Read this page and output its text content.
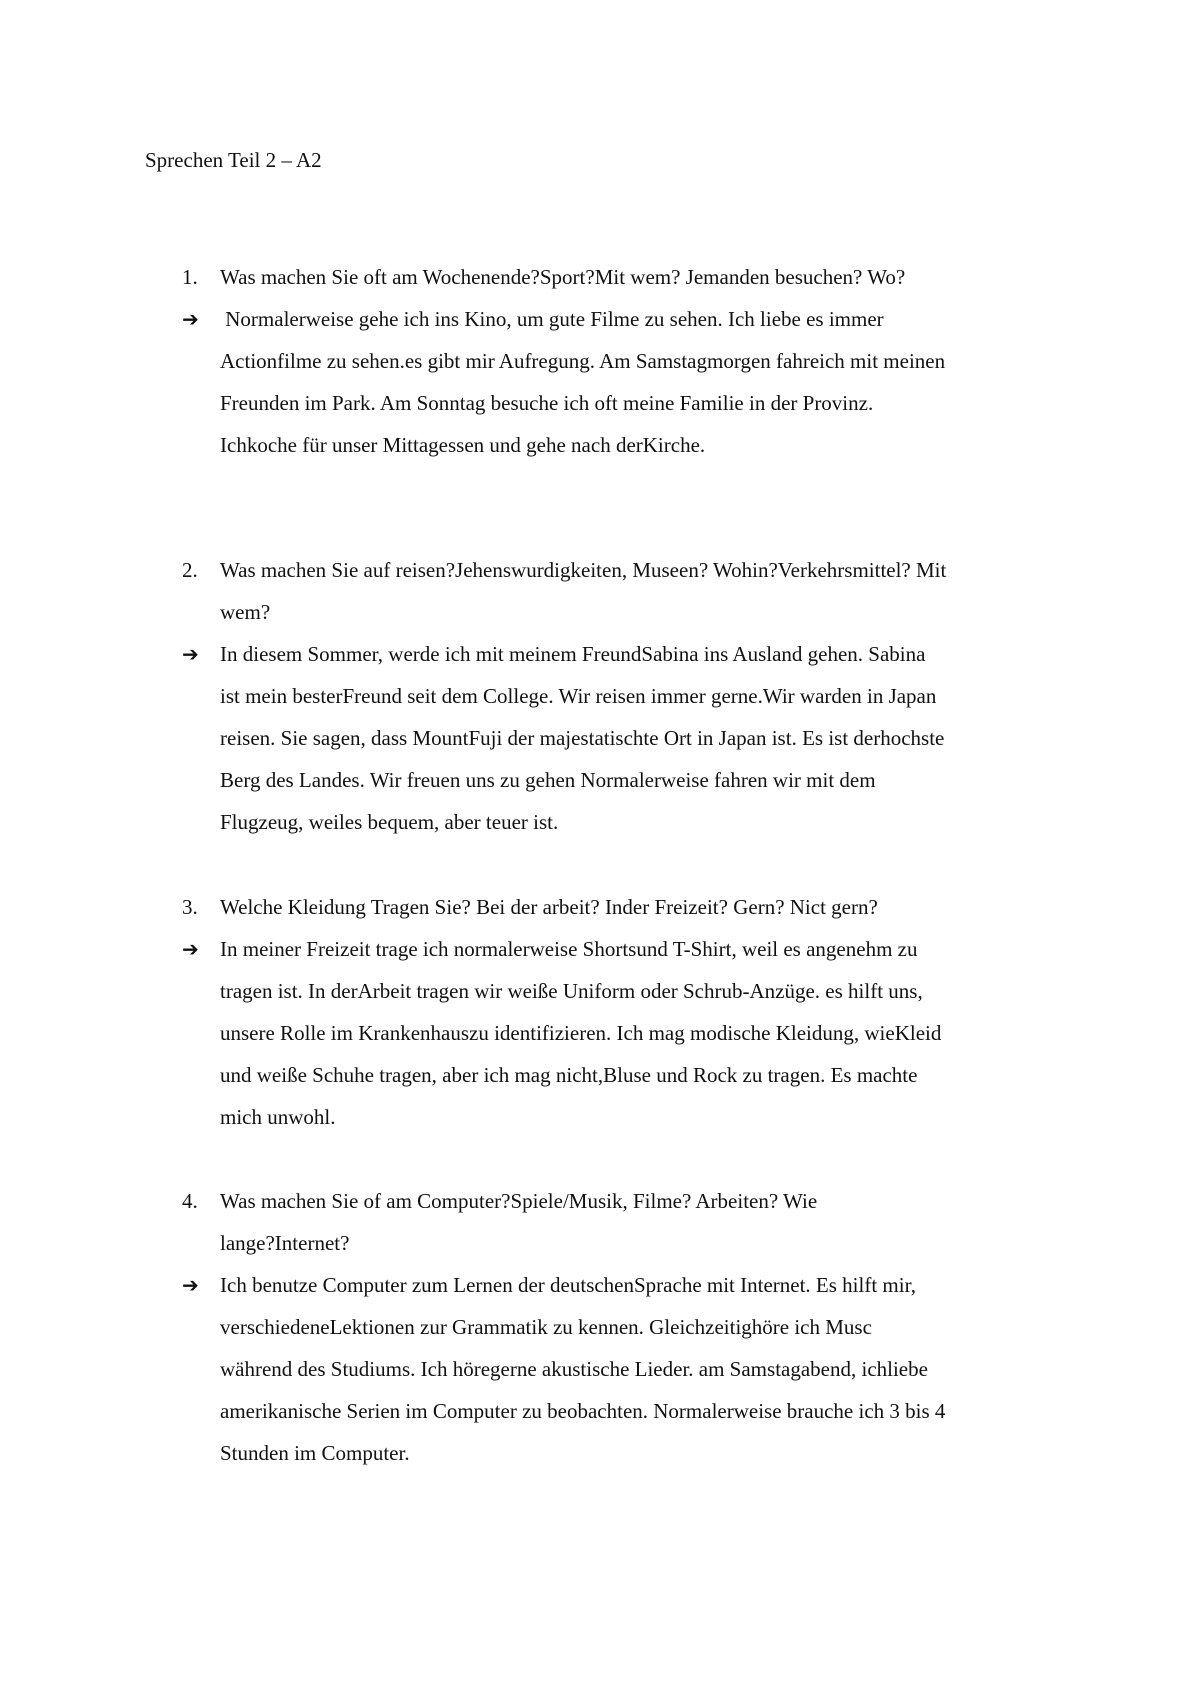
Sprechen Teil 2 – A2
1.	Was machen Sie oft am Wochenende?Sport?Mit wem? Jemanden besuchen? Wo?
➔ Normalerweise gehe ich ins Kino, um gute Filme zu sehen. Ich liebe es immer
Actionfilme zu sehen.es gibt mir Aufregung. Am Samstagmorgen fahreich mit meinen
Freunden im Park. Am Sonntag besuche ich oft meine Familie in der Provinz.
Ichkoche für unser Mittagessen und gehe nach derKirche.
2.	Was machen Sie auf reisen?Jehenswurdigkeiten, Museen? Wohin?Verkehrsmittel? Mit
wem?
➔ In diesem Sommer, werde ich mit meinem FreundSabina ins Ausland gehen. Sabina
ist mein besterFreund seit dem College. Wir reisen immer gerne.Wir warden in Japan
reisen. Sie sagen, dass MountFuji der majestatischte Ort in Japan ist. Es ist derhochste
Berg des Landes. Wir freuen uns zu gehen Normalerweise fahren wir mit dem
Flugzeug, weiles bequem, aber teuer ist.
3.	Welche Kleidung Tragen Sie? Bei der arbeit? Inder Freizeit? Gern? Nict gern?
➔ In meiner Freizeit trage ich normalerweise Shortsund T-Shirt, weil es angenehm zu
tragen ist. In derArbeit tragen wir weiße Uniform oder Schrub-Anzüge. es hilft uns,
unsere Rolle im Krankenhauszu identifizieren. Ich mag modische Kleidung, wieKleid
und weiße Schuhe tragen, aber ich mag nicht,Bluse und Rock zu tragen. Es machte
mich unwohl.
4.	Was machen Sie of am Computer?Spiele/Musik, Filme? Arbeiten? Wie
lange?Internet?
➔ Ich benutze Computer zum Lernen der deutschenSprache mit Internet. Es hilft mir,
verschiedeneLektionen zur Grammatik zu kennen. Gleichzeitighöre ich Musc
während des Studiums. Ich höregerne akustische Lieder. am Samstagabend, ichliebe
amerikanische Serien im Computer zu beobachten. Normalerweise brauche ich 3 bis 4
Stunden im Computer.
